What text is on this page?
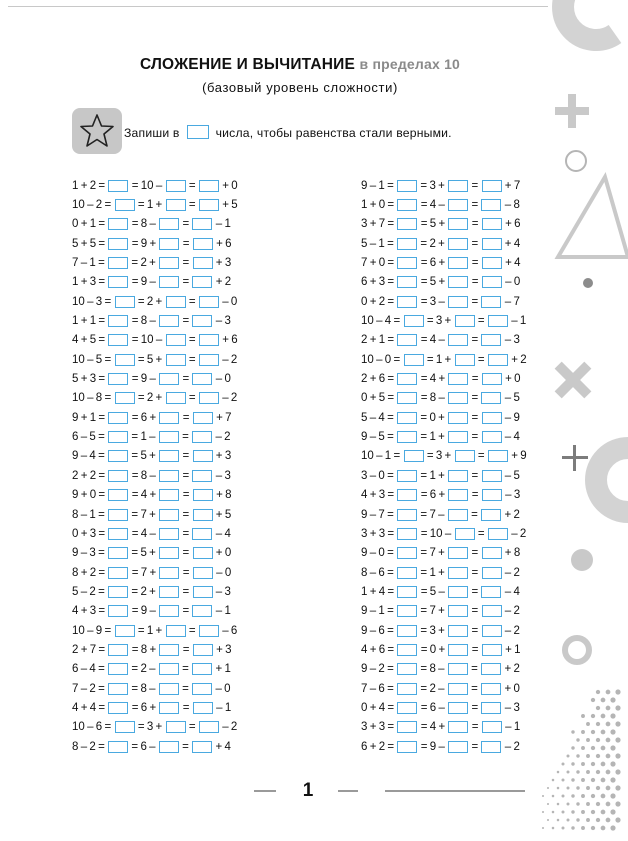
СЛОЖЕНИЕ И ВЫЧИТАНИЕ в пределах 10
(базовый уровень сложности)
Запиши в	числа, чтобы равенства стали верными.
1 + 2 =   = 10 –   =   + 0
10 – 2 =   = 1 +   =   + 5
0 + 1 =   = 8 –   =   – 1
5 + 5 =   = 9 +   =   + 6
7 – 1 =   = 2 +   =   + 3
1 + 3 =   = 9 –   =   + 2
10 – 3 =   = 2 +   =   – 0
1 + 1 =   = 8 –   =   – 3
4 + 5 =   = 10 –   =   + 6
10 – 5 =   = 5 +   =   – 2
5 + 3 =   = 9 –   =   – 0
10 – 8 =   = 2 +   =   – 2
9 + 1 =   = 6 +   =   + 7
6 – 5 =   = 1 –   =   – 2
9 – 4 =   = 5 +   =   + 3
2 + 2 =   = 8 –   =   – 3
9 + 0 =   = 4 +   =   + 8
8 – 1 =   = 7 +   =   + 5
0 + 3 =   = 4 –   =   – 4
9 – 3 =   = 5 +   =   + 0
8 + 2 =   = 7 +   =   – 0
5 – 2 =   = 2 +   =   – 3
4 + 3 =   = 9 –   =   – 1
10 – 9 =   = 1 +   =   – 6
2 + 7 =   = 8 +   =   + 3
6 – 4 =   = 2 –   =   + 1
7 – 2 =   = 8 –   =   – 0
4 + 4 =   = 6 +   =   – 1
10 – 6 =   = 3 +   =   – 2
8 – 2 =   = 6 –   =   + 4
9 – 1 =   = 3 +   =   + 7
1 + 0 =   = 4 –   =   – 8
3 + 7 =   = 5 +   =   + 6
5 – 1 =   = 2 +   =   + 4
7 + 0 =   = 6 +   =   + 4
6 + 3 =   = 5 +   =   – 0
0 + 2 =   = 3 –   =   – 7
10 – 4 =   = 3 +   =   – 1
2 + 1 =   = 4 –   =   – 3
10 – 0 =   = 1 +   =   + 2
2 + 6 =   = 4 +   =   + 0
0 + 5 =   = 8 –   =   – 5
5 – 4 =   = 0 +   =   – 9
9 – 5 =   = 1 +   =   – 4
10 – 1 =   = 3 +   =   + 9
3 – 0 =   = 1 +   =   – 5
4 + 3 =   = 6 +   =   – 3
9 – 7 =   = 7 –   =   + 2
3 + 3 =   = 10 –   =   – 2
9 – 0 =   = 7 +   =   + 8
8 – 6 =   = 1 +   =   – 2
1 + 4 =   = 5 –   =   – 4
9 – 1 =   = 7 +   =   – 2
9 – 6 =   = 3 +   =   – 2
4 + 6 =   = 0 +   =   + 1
9 – 2 =   = 8 –   =   + 2
7 – 6 =   = 2 –   =   + 0
0 + 4 =   = 6 –   =   – 3
3 + 3 =   = 4 +   =   – 1
6 + 2 =   = 9 –   =   – 2
1
